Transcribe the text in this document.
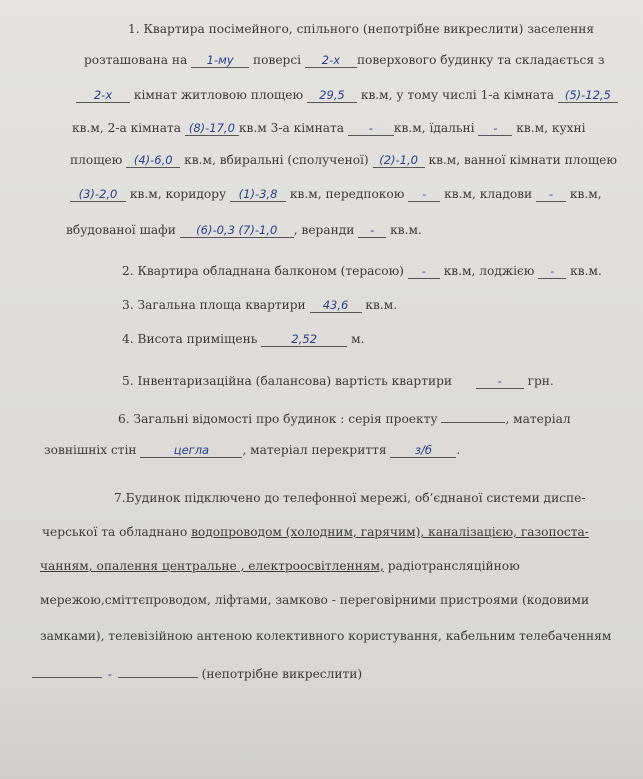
1. Квартира посімейного, спільного (непотрібне викреслити) заселення
розташована на 1-му поверсі 2-х поверхового будинку та складається з
2-х кімнат житловою площею 29,5 кв.м, у тому числі 1-а кімната (5)-12,5
кв.м, 2-а кімната (8)-17,0 кв.м 3-а кімната - кв.м, їдальні - кв.м, кухні
площею (4)-6,0 кв.м, вбиральні (сполученої) (2)-1,0 кв.м, ванної кімнати площею
(3)-2,0 кв.м, коридору (1)-3,8 кв.м, передпокою - кв.м, кладови - кв.м,
вбудованої шафи (6)-0,3 (7)-1,0 , веранди - кв.м.
2. Квартира обладнана балконом (терасою) - кв.м, лоджією - кв.м.
3. Загальна площа квартири 43,6 кв.м.
4. Висота приміщень	2,52	м.
5. Інвентаризаційна (балансова) вартість квартири	- грн.
6. Загальні відомості про будинок : серія проекту	, матеріал
зовнішніх стін	цегла	, матеріал перекриття з/б .
7.Будинок підключено до телефонної мережі, об’єднаної системи диспе-
черської та обладнано водопроводом (холодним, гарячим), каналізацією, газопоста-
чанням, опалення центральне , електроосвітленням, радіотрансляційною
мережою,сміттєпроводом, ліфтами, замково - переговірними пристроями (кодовими
замками), телевізійною антеною колективного користування, кабельним телебаченням
-	(непотрібне викреслити)
